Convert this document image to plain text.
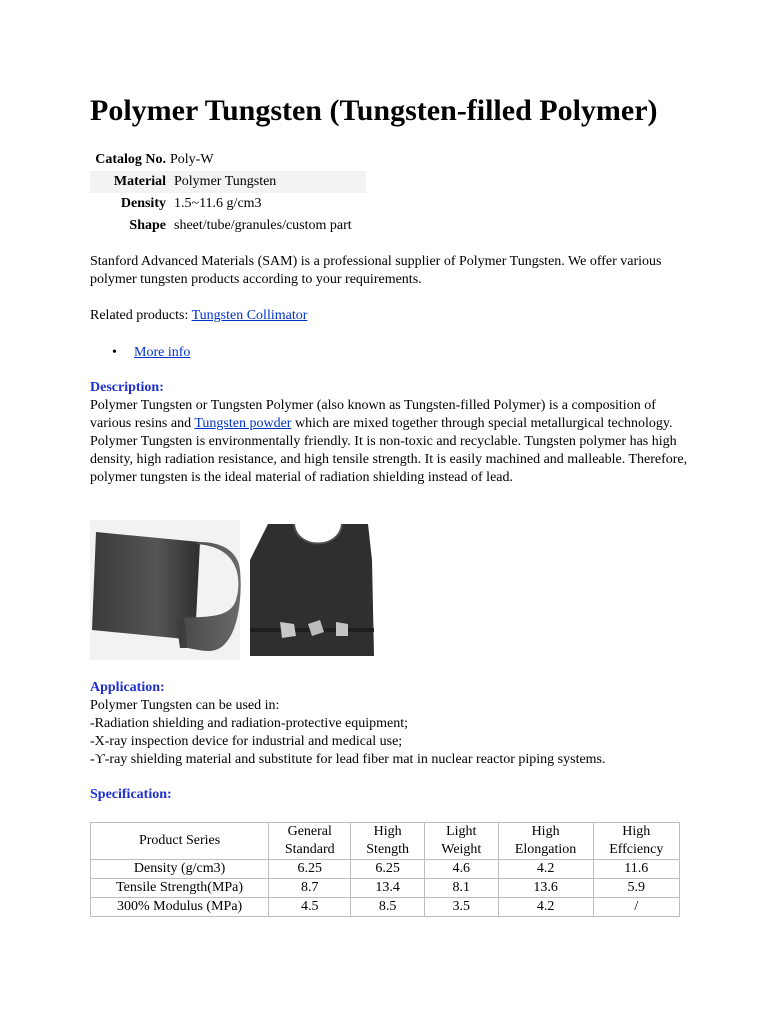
Polymer Tungsten (Tungsten-filled Polymer)
Catalog No. Poly-W
Material Polymer Tungsten
Density 1.5~11.6 g/cm3
Shape sheet/tube/granules/custom part
Stanford Advanced Materials (SAM) is a professional supplier of Polymer Tungsten. We offer various polymer tungsten products according to your requirements.
Related products: Tungsten Collimator
• More info
Description:
Polymer Tungsten or Tungsten Polymer (also known as Tungsten-filled Polymer) is a composition of various resins and Tungsten powder which are mixed together through special metallurgical technology. Polymer Tungsten is environmentally friendly. It is non-toxic and recyclable. Tungsten polymer has high density, high radiation resistance, and high tensile strength. It is easily machined and malleable. Therefore, polymer tungsten is the ideal material of radiation shielding instead of lead.
Application:
Polymer Tungsten can be used in:
-Radiation shielding and radiation-protective equipment;
-X-ray inspection device for industrial and medical use;
-ϒ-ray shielding material and substitute for lead fiber mat in nuclear reactor piping systems.
Specification:
Product Series	General Standard	High Stength	Light Weight	High Elongation	High Effciency
Density (g/cm3)	6.25	6.25	4.6	4.2	11.6
Tensile Strength(MPa)	8.7	13.4	8.1	13.6	5.9
300% Modulus (MPa)	4.5	8.5	3.5	4.2	/
